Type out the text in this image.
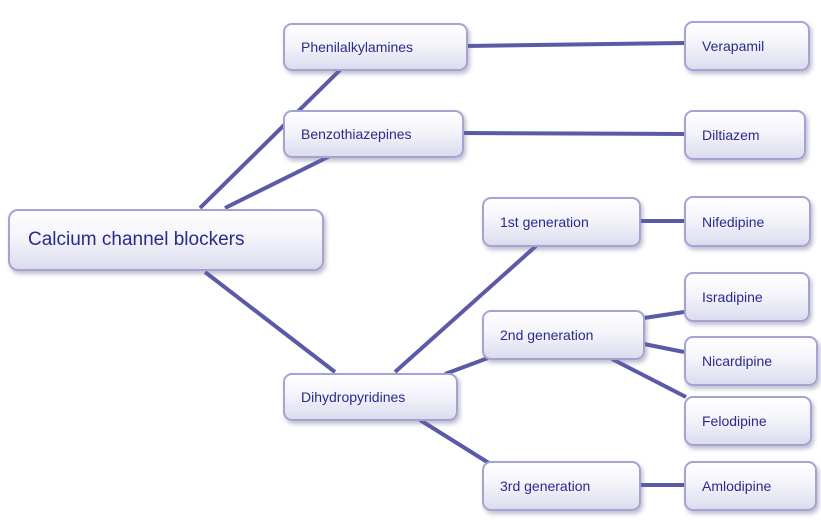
Calcium channel blockers
Phenilalkylamines
Benzothiazepines
Dihydropyridines
1st generation
2nd generation
3rd generation
Verapamil
Diltiazem
Nifedipine
Isradipine
Nicardipine
Felodipine
Amlodipine
